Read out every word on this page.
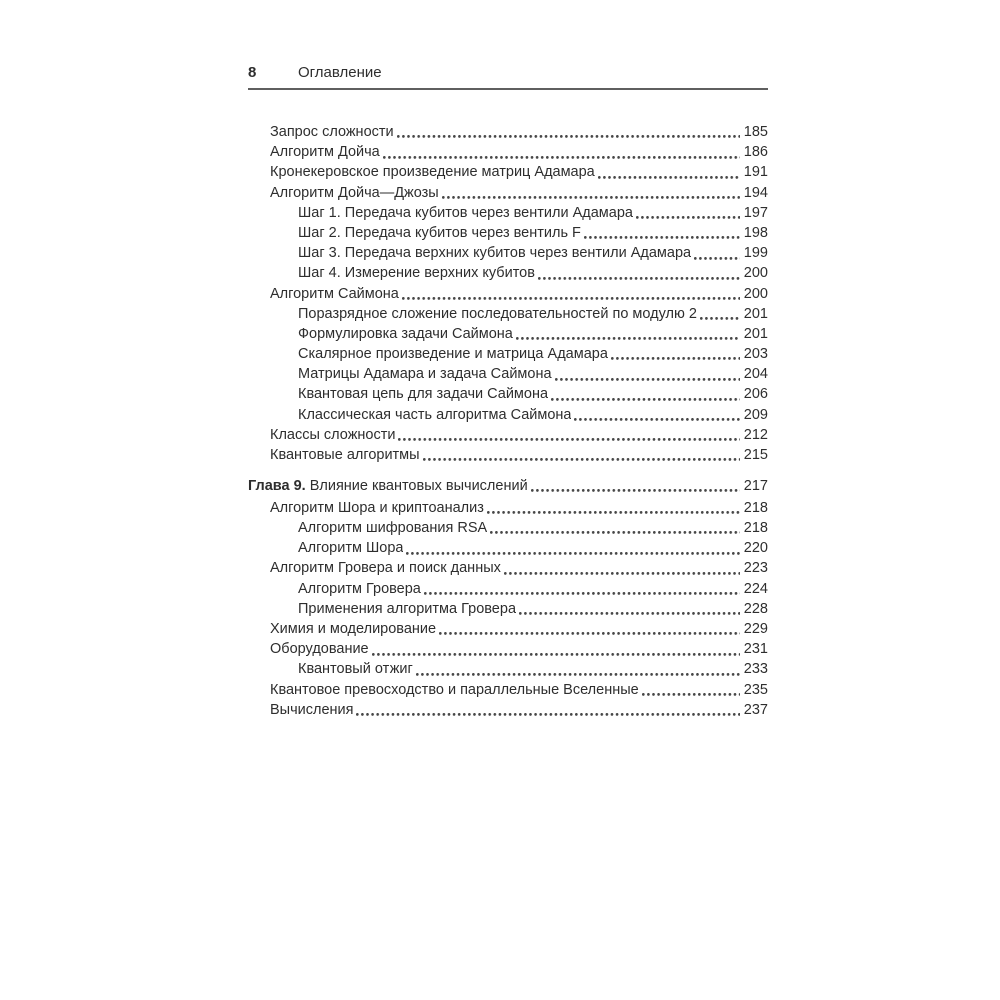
8	Оглавление
Запрос сложности	185
Алгоритм Дойча	186
Кронекеровское произведение матриц Адамара	191
Алгоритм Дойча—Джозы	194
Шаг 1. Передача кубитов через вентили Адамара	197
Шаг 2. Передача кубитов через вентиль F	198
Шаг 3. Передача верхних кубитов через вентили Адамара	199
Шаг 4. Измерение верхних кубитов	200
Алгоритм Саймона	200
Поразрядное сложение последовательностей по модулю 2	201
Формулировка задачи Саймона	201
Скалярное произведение и матрица Адамара	203
Матрицы Адамара и задача Саймона	204
Квантовая цепь для задачи Саймона	206
Классическая часть алгоритма Саймона	209
Классы сложности	212
Квантовые алгоритмы	215
Глава 9. Влияние квантовых вычислений	217
Алгоритм Шора и криптоанализ	218
Алгоритм шифрования RSA	218
Алгоритм Шора	220
Алгоритм Гровера и поиск данных	223
Алгоритм Гровера	224
Применения алгоритма Гровера	228
Химия и моделирование	229
Оборудование	231
Квантовый отжиг	233
Квантовое превосходство и параллельные Вселенные	235
Вычисления	237
